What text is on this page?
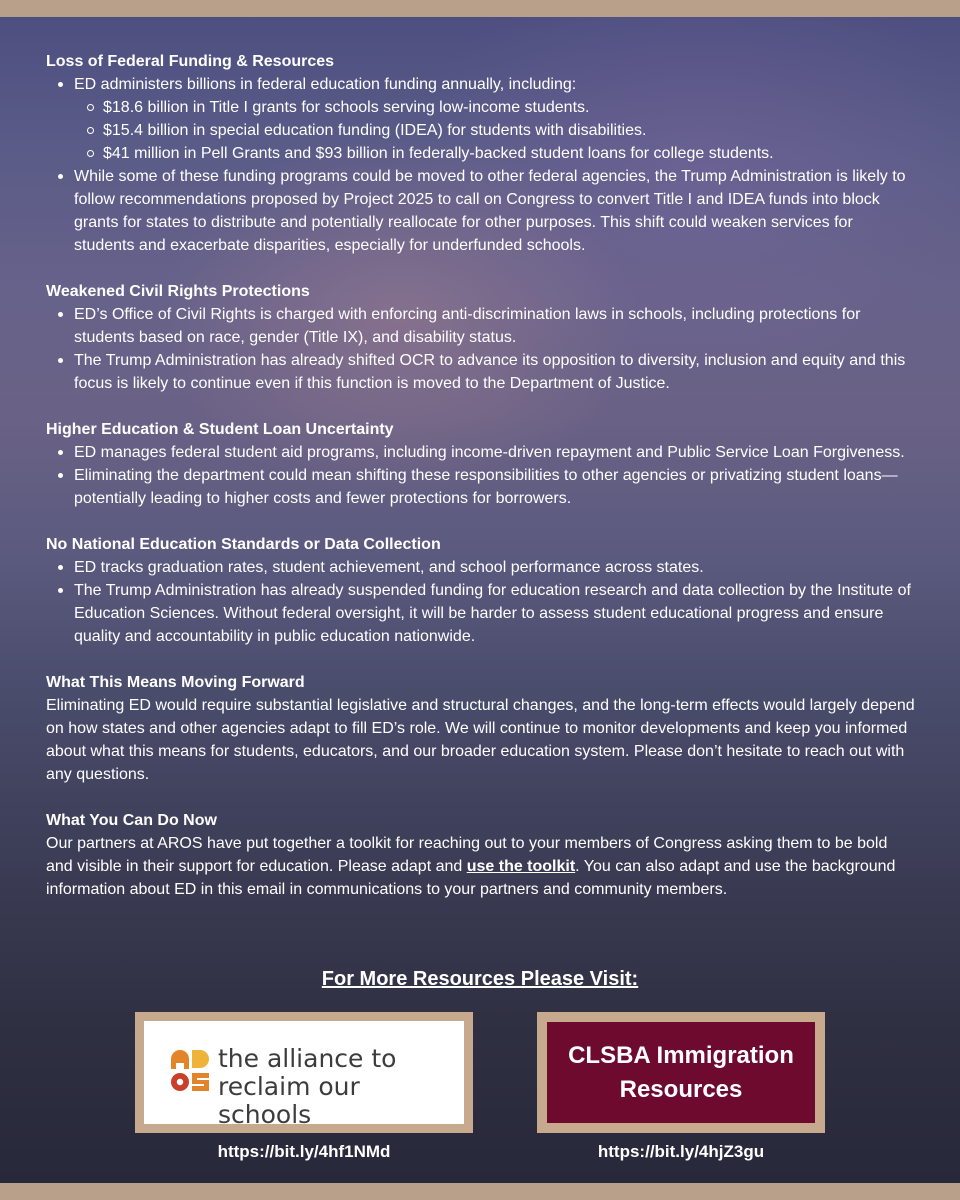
Loss of Federal Funding & Resources
ED administers billions in federal education funding annually, including:
$18.6 billion in Title I grants for schools serving low-income students.
$15.4 billion in special education funding (IDEA) for students with disabilities.
$41 million in Pell Grants and $93 billion in federally-backed student loans for college students.
While some of these funding programs could be moved to other federal agencies, the Trump Administration is likely to follow recommendations proposed by Project 2025 to call on Congress to convert Title I and IDEA funds into block grants for states to distribute and potentially reallocate for other purposes. This shift could weaken services for students and exacerbate disparities, especially for underfunded schools.
Weakened Civil Rights Protections
ED’s Office of Civil Rights is charged with enforcing anti-discrimination laws in schools, including protections for students based on race, gender (Title IX), and disability status.
The Trump Administration has already shifted OCR to advance its opposition to diversity, inclusion and equity and this focus is likely to continue even if this function is moved to the Department of Justice.
Higher Education & Student Loan Uncertainty
ED manages federal student aid programs, including income-driven repayment and Public Service Loan Forgiveness.
Eliminating the department could mean shifting these responsibilities to other agencies or privatizing student loans—potentially leading to higher costs and fewer protections for borrowers.
No National Education Standards or Data Collection
ED tracks graduation rates, student achievement, and school performance across states.
The Trump Administration has already suspended funding for education research and data collection by the Institute of Education Sciences. Without federal oversight, it will be harder to assess student educational progress and ensure quality and accountability in public education nationwide.
What This Means Moving Forward

Eliminating ED would require substantial legislative and structural changes, and the long-term effects would largely depend on how states and other agencies adapt to fill ED’s role. We will continue to monitor developments and keep you informed about what this means for students, educators, and our broader education system. Please don’t hesitate to reach out with any questions.

What You Can Do Now

Our partners at AROS have put together a toolkit for reaching out to your members of Congress asking them to be bold and visible in their support for education. Please adapt and use the toolkit. You can also adapt and use the background information about ED in this email in communications to your partners and community members.

For More Resources Please Visit:
the alliance to reclaim our schools
CLSBA Immigration Resources
https://bit.ly/4hf1NMd	https://bit.ly/4hjZ3gu
